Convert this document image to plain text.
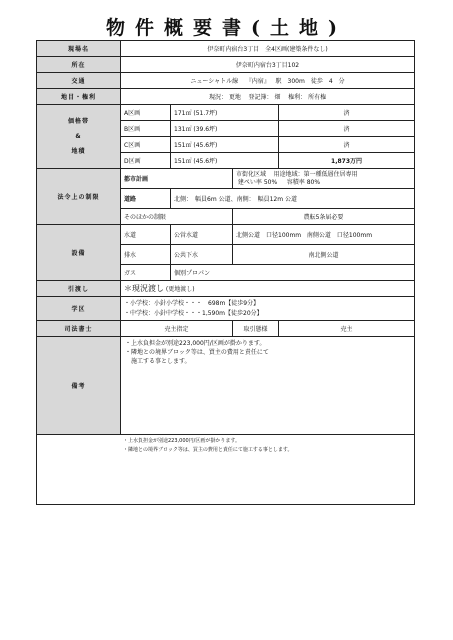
物件概要書(土地)
現場名	伊奈町内宿台3丁目　全4区画(建築条件なし)			
所在	伊奈町内宿台3丁目102			
交通	ニューシャトル線 『内宿』 駅　300m　徒歩　4　分			
地目・権利	現況： 更地 登記簿： 畑 権利： 所有権			

価格帯
&
地積	A区画	171㎡ (51.7坪)		済
	B区画	131㎡ (39.6坪)		済
	C区画	151㎡ (45.6坪)		済
	D区画	151㎡ (45.6坪)		1,873万円
法令上の制限	都市計画		市街化区域 用途地域：第一種低層住居専用
建ぺい率 50% 容積率 80%	

	道路	北側：　幅員6m 公道、南側：　幅員12m 公道		
	そのほかの制限		農転5条届必要	
設備	水道	公営水道	北側公道　口径100mm 南側公道　口径100mm	
	排水	公共下水	南北側公道	
	ガス	個別プロパン		
引渡し	＊現況渡し (更地渡し)			
学区	・小学校：小針小学校・・・　698m【徒歩9分】
・中学校：小針中学校・・・1,590m【徒歩20分】			

司法書士	売主指定		取引態様	売主
備考	・上水負担金が別途223,000円/区画が掛かります。
・隣地との境界ブロック等は、買主の費用と責任にて
　施工する事とします。			

・上水負担金が別途223,000円/区画が掛かります。
・隣地との境界ブロック等は、買主の費用と責任にて施工する事とします。				
